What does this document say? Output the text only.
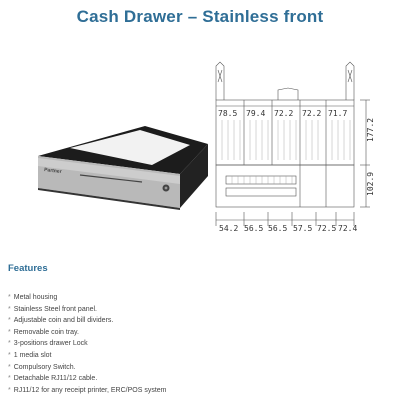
Cash Drawer – Stainless front
Partner
78.5 79.4 72.2 72.2 71.7
177.2
102.9
54.2 56.5 56.5 57.5 72.5 72.4
Features
* Metal housing
* Stainless Steel front panel.
* Adjustable coin and bill dividers.
* Removable coin tray.
* 3-positions drawer Lock
* 1 media slot
* Compulsory Switch.
* Detachable RJ11/12 cable.
* RJ11/12 for any receipt printer, ERC/POS system
